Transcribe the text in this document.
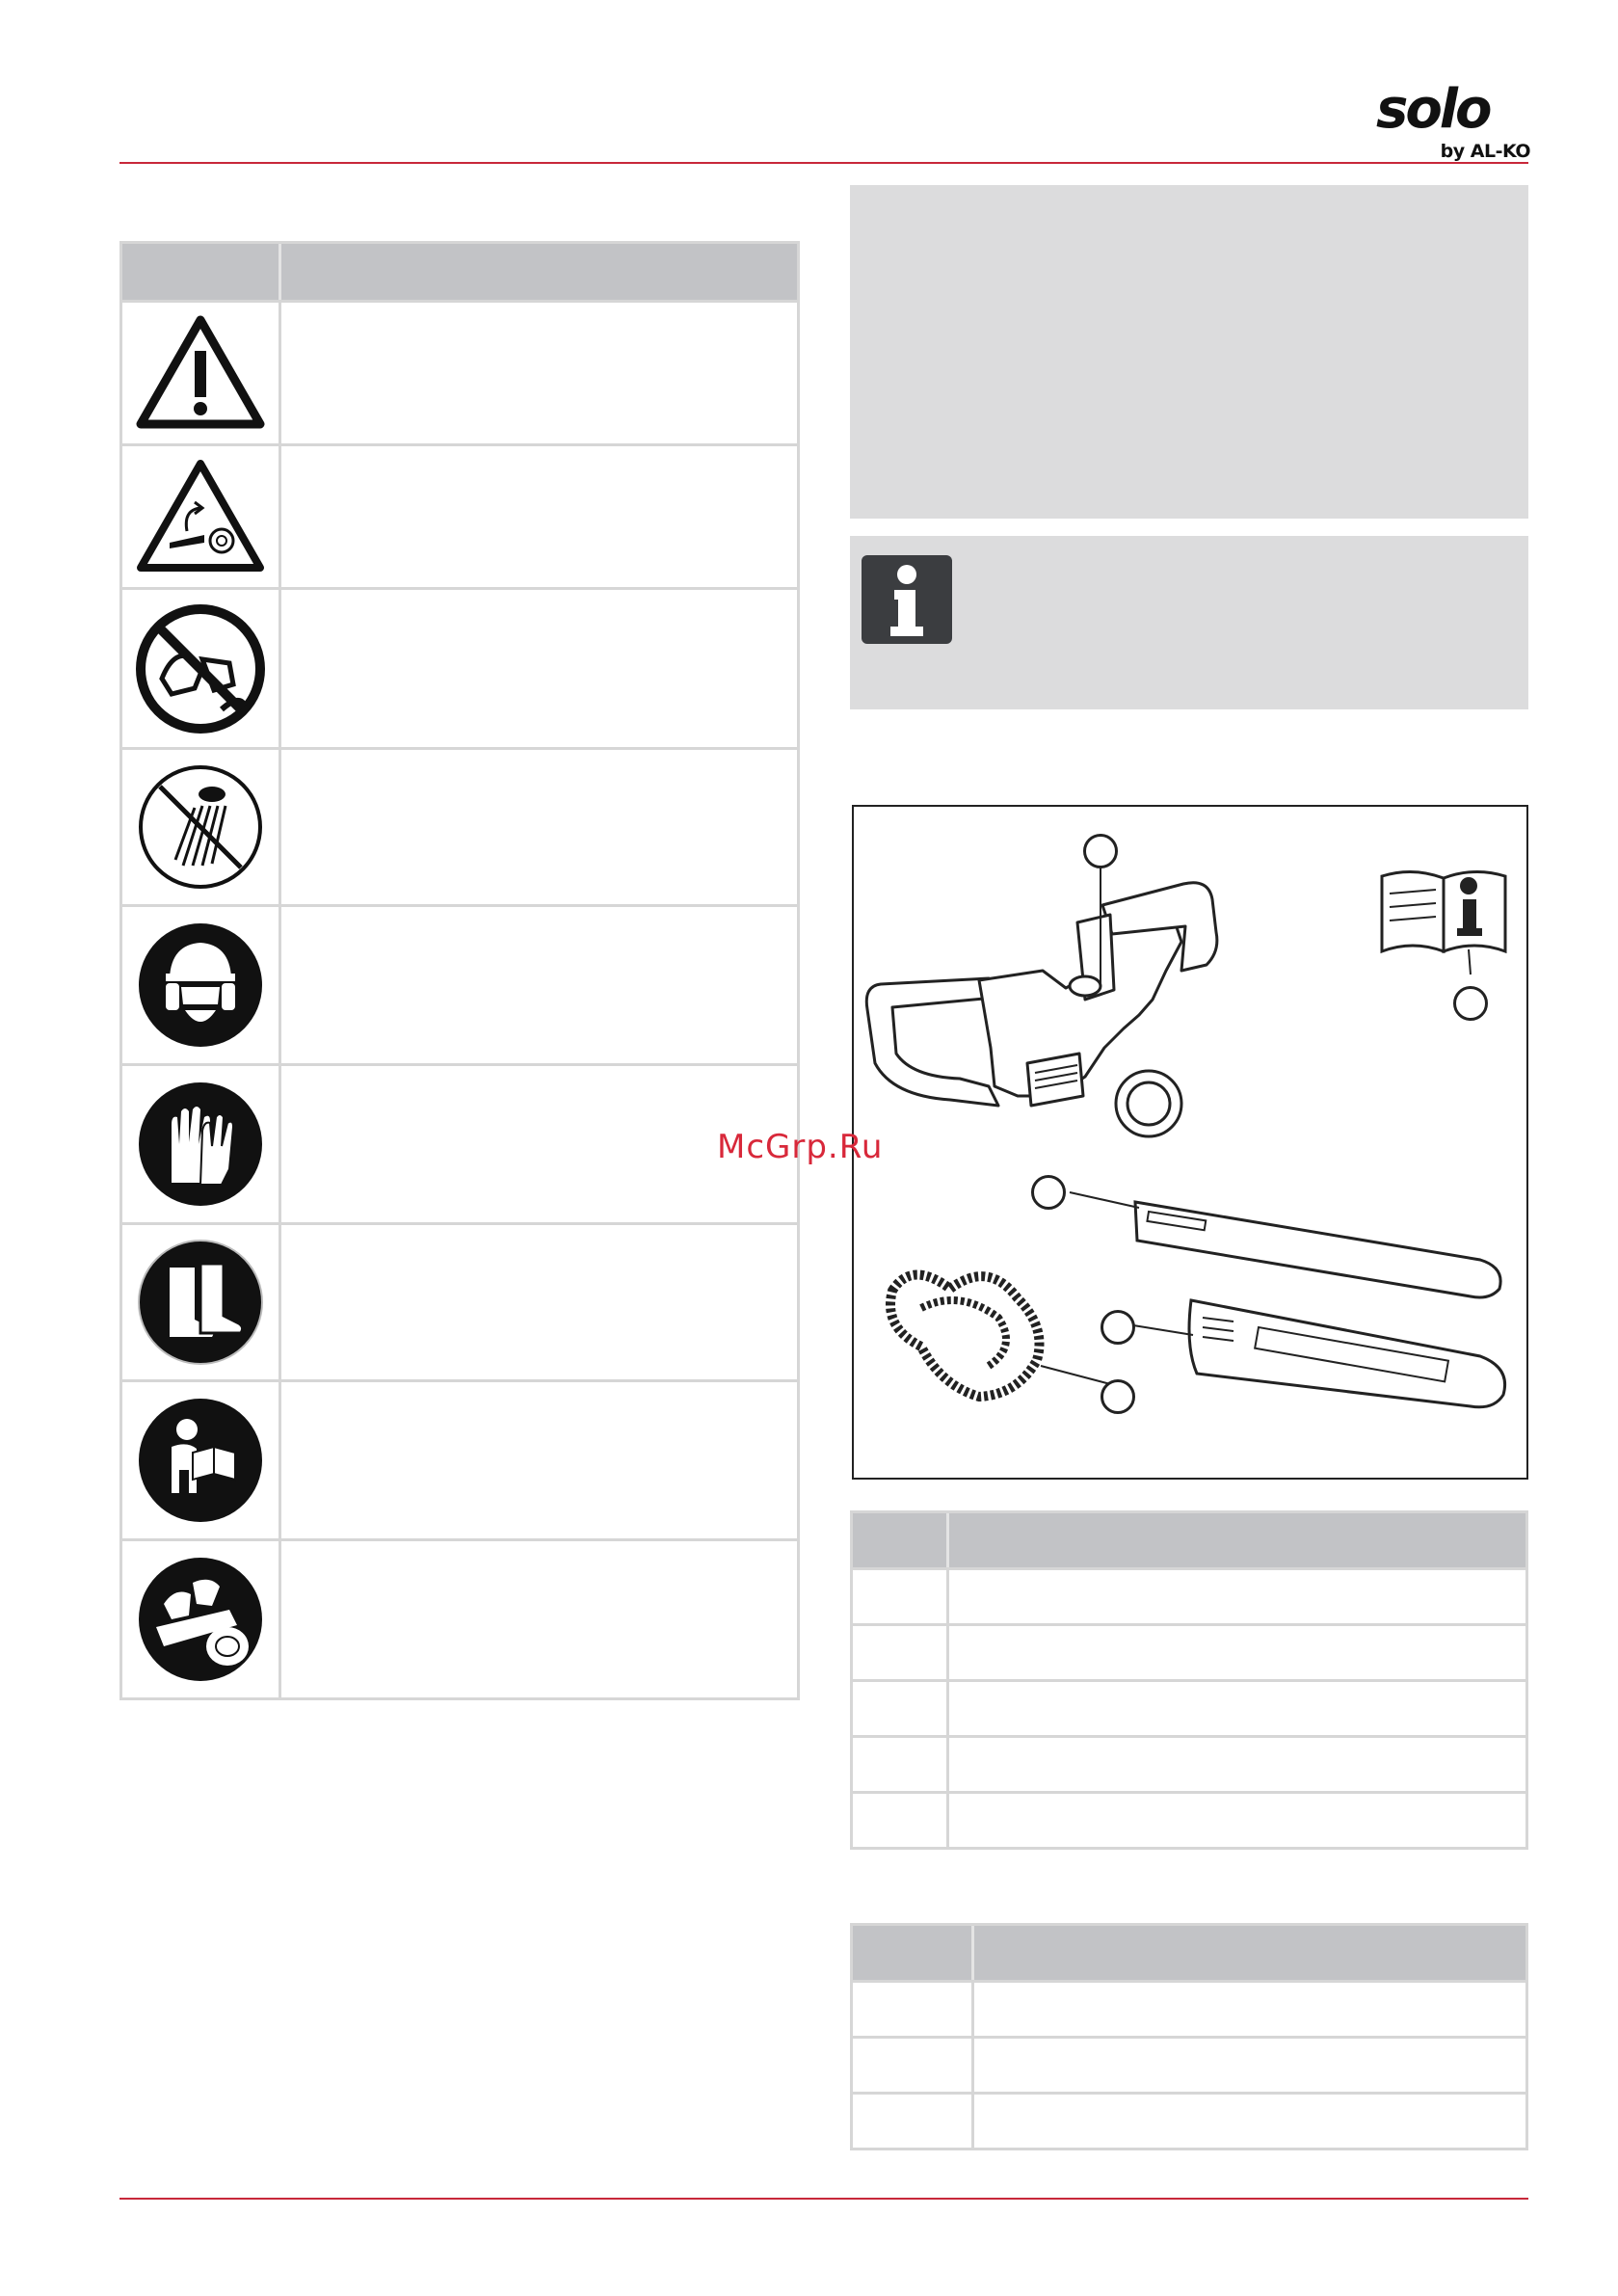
solo
by AL-KO
McGrp.Ru
